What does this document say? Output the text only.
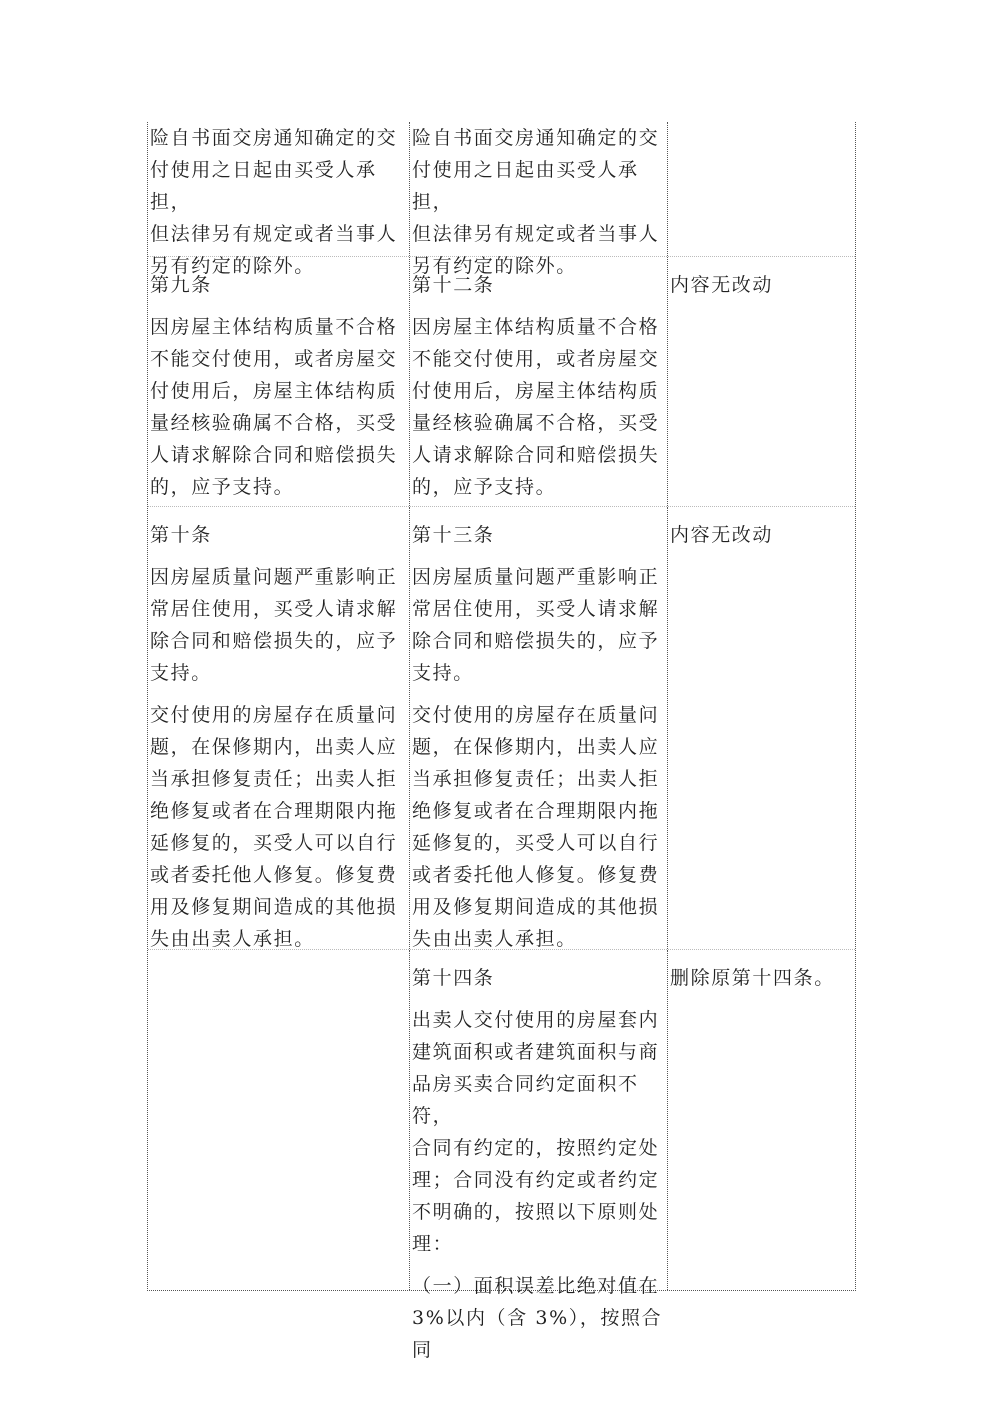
险自书面交房通知确定的交
付使用之日起由买受人承担，
但法律另有规定或者当事人
另有约定的除外。

险自书面交房通知确定的交
付使用之日起由买受人承担，
但法律另有规定或者当事人
另有约定的除外。

第九条

因房屋主体结构质量不合格
不能交付使用，或者房屋交
付使用后，房屋主体结构质
量经核验确属不合格，买受
人请求解除合同和赔偿损失
的，应予支持。

第十二条

因房屋主体结构质量不合格
不能交付使用，或者房屋交
付使用后，房屋主体结构质
量经核验确属不合格，买受
人请求解除合同和赔偿损失
的，应予支持。

内容无改动

第十条

因房屋质量问题严重影响正
常居住使用，买受人请求解
除合同和赔偿损失的，应予
支持。

交付使用的房屋存在质量问
题，在保修期内，出卖人应
当承担修复责任；出卖人拒
绝修复或者在合理期限内拖
延修复的，买受人可以自行
或者委托他人修复。修复费
用及修复期间造成的其他损
失由出卖人承担。

第十三条

因房屋质量问题严重影响正
常居住使用，买受人请求解
除合同和赔偿损失的，应予
支持。

交付使用的房屋存在质量问
题，在保修期内，出卖人应
当承担修复责任；出卖人拒
绝修复或者在合理期限内拖
延修复的，买受人可以自行
或者委托他人修复。修复费
用及修复期间造成的其他损
失由出卖人承担。

内容无改动

第十四条

出卖人交付使用的房屋套内
建筑面积或者建筑面积与商
品房买卖合同约定面积不符，
合同有约定的，按照约定处
理；合同没有约定或者约定
不明确的，按照以下原则处
理：

（一）面积误差比绝对值在
3%以内（含 3%），按照合同

删除原第十四条。
